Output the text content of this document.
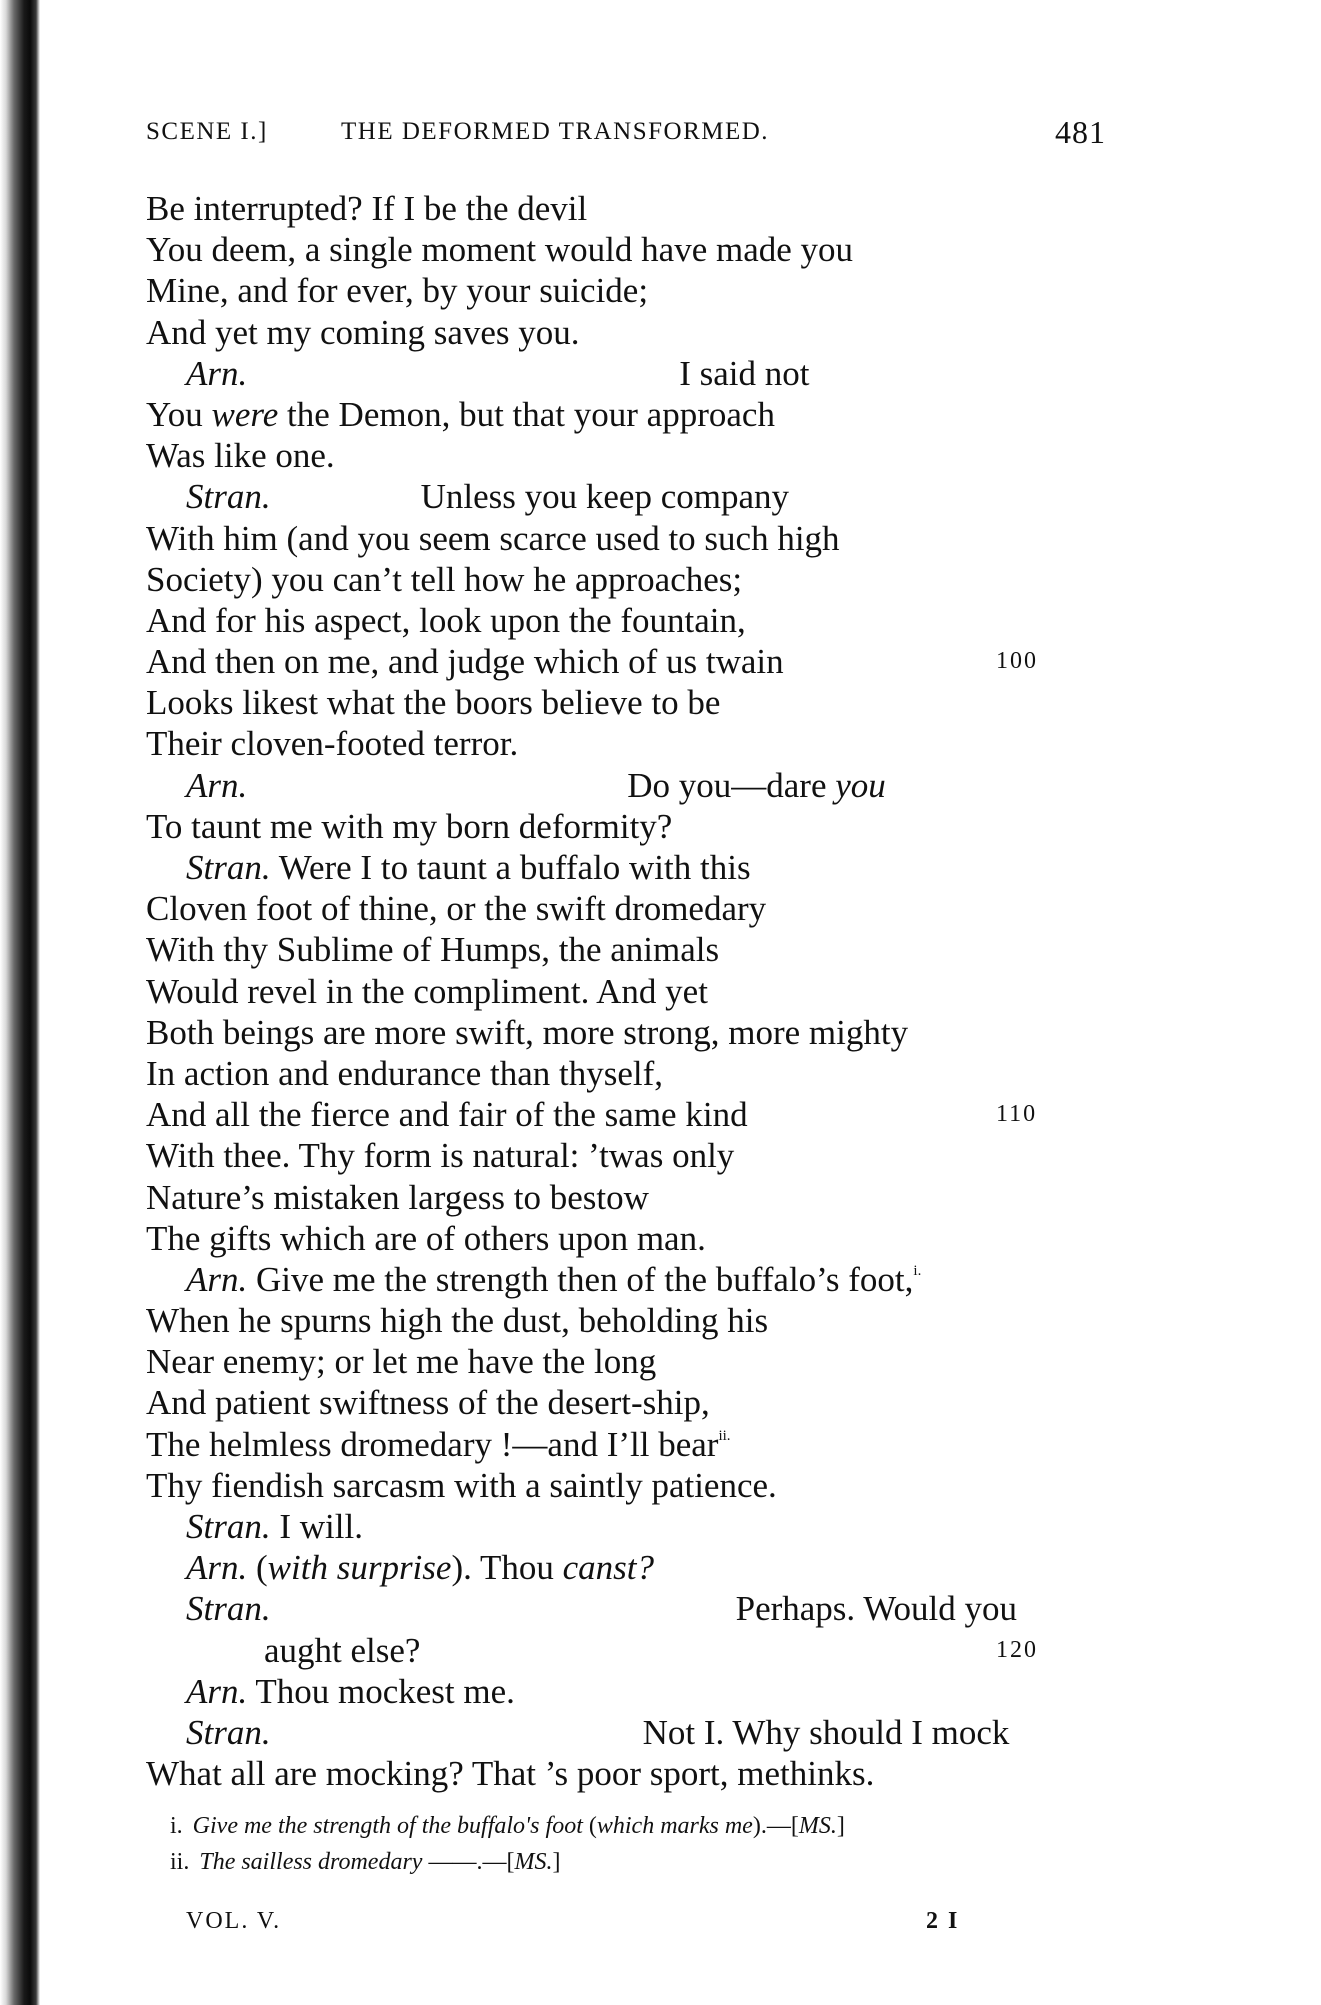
SCENE I.]	THE DEFORMED TRANSFORMED.	481
Be interrupted? If I be the devil
You deem, a single moment would have made you
Mine, and for ever, by your suicide;
And yet my coming saves you.
Arn.	I said not
You were the Demon, but that your approach
Was like one.
Stran.	Unless you keep company
With him (and you seem scarce used to such high
Society) you can’t tell how he approaches;
And for his aspect, look upon the fountain,
And then on me, and judge which of us twain	100
Looks likest what the boors believe to be
Their cloven-footed terror.
Arn.	Do you—dare you
To taunt me with my born deformity?
Stran. Were I to taunt a buffalo with this
Cloven foot of thine, or the swift dromedary
With thy Sublime of Humps, the animals
Would revel in the compliment. And yet
Both beings are more swift, more strong, more mighty
In action and endurance than thyself,
And all the fierce and fair of the same kind	110
With thee. Thy form is natural: ’twas only
Nature’s mistaken largess to bestow
The gifts which are of others upon man.
Arn. Give me the strength then of the buffalo’s foot,$^{i.}$
When he spurns high the dust, beholding his
Near enemy; or let me have the long
And patient swiftness of the desert-ship,
The helmless dromedary !—and I’ll bear$^{ii.}$
Thy fiendish sarcasm with a saintly patience.
Stran. I will.
Arn. (with surprise). Thou canst?
Stran.	Perhaps. Would you
aught else?	120
Arn. Thou mockest me.
Stran.	Not I. Why should I mock
What all are mocking? That ’s poor sport, methinks.
i. Give me the strength of the buffalo's foot (which marks me).—[MS.]
ii. The sailless dromedary ——.—[MS.]
VOL. V.	2 I
